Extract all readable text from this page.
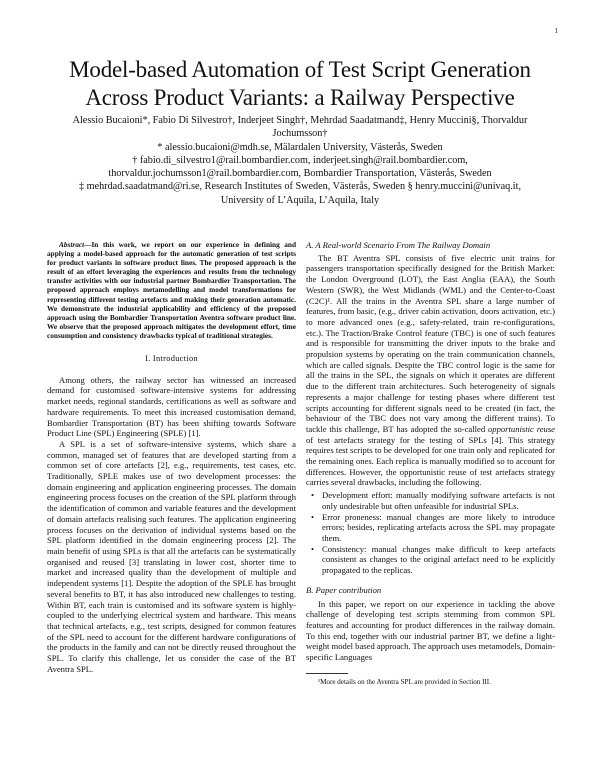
1
Model-based Automation of Test Script Generation
Across Product Variants: a Railway Perspective
Alessio Bucaioni*, Fabio Di Silvestro†, Inderjeet Singh†, Mehrdad Saadatmand‡, Henry Muccini§, Thorvaldur
Jochumsson†
* alessio.bucaioni@mdh.se, Mälardalen University, Västerås, Sweden
† fabio.di_silvestro1@rail.bombardier.com, inderjeet.singh@rail.bombardier.com,
thorvaldur.jochumsson1@rail.bombardier.com, Bombardier Transportation, Västerås, Sweden
‡ mehrdad.saadatmand@ri.se, Research Institutes of Sweden, Västerås, Sweden § henry.muccini@univaq.it,
University of L’Aquila, L’Aquila, Italy

Abstract—In this work, we report on our experience in defining and applying a model-based approach for the automatic generation of test scripts for product variants in software product lines. The proposed approach is the result of an effort leveraging the experiences and results from the technology transfer activities with our industrial partner Bombardier Transportation. The proposed approach employs metamodelling and model transformations for representing different testing artefacts and making their generation automatic. We demonstrate the industrial applicability and efficiency of the proposed approach using the Bombardier Transportation Aventra software product line. We observe that the proposed approach mitigates the development effort, time consumption and consistency drawbacks typical of traditional strategies.

I. Introduction

Among others, the railway sector has witnessed an increased demand for customised software-intensive systems for addressing market needs, regional standards, certifications as well as software and hardware requirements. To meet this increased customisation demand, Bombardier Transportation (BT) has been shifting towards Software Product Line (SPL) Engineering (SPLE) [1].

A SPL is a set of software-intensive systems, which share a common, managed set of features that are developed starting from a common set of core artefacts [2], e.g., requirements, test cases, etc. Traditionally, SPLE makes use of two development processes: the domain engineering and application engineering processes. The domain engineering process focuses on the creation of the SPL platform through the identification of common and variable features and the development of domain artefacts realising such features. The application engineering process focuses on the derivation of individual systems based on the SPL platform identified in the domain engineering process [2]. The main benefit of using SPLs is that all the artefacts can be systematically organised and reused [3] translating in lower cost, shorter time to market and increased quality than the development of multiple and independent systems [1]. Despite the adoption of the SPLE has brought several benefits to BT, it has also introduced new challenges to testing. Within BT, each train is customised and its software system is highly-coupled to the underlying electrical system and hardware. This means that technical artefacts, e.g., test scripts, designed for common features of the SPL need to account for the different hardware configurations of the products in the family and can not be directly reused throughout the SPL. To clarify this challenge, let us consider the case of the BT Aventra SPL.

A. A Real-world Scenario From The Railway Domain

The BT Aventra SPL consists of five electric unit trains for passengers transportation specifically designed for the British Market: the London Overground (LOT), the East Anglia (EAA), the South Western (SWR), the West Midlands (WML) and the Center-to-Coast (C2C)¹. All the trains in the Aventra SPL share a large number of features, from basic, (e.g., driver cabin activation, doors activation, etc.) to more advanced ones (e.g., safety-related, train re-configurations, etc.). The Traction/Brake Control feature (TBC) is one of such features and is responsible for transmitting the driver inputs to the brake and propulsion systems by operating on the train communication channels, which are called signals. Despite the TBC control logic is the same for all the trains in the SPL, the signals on which it operates are different due to the different train architectures. Such heterogeneity of signals represents a major challenge for testing phases where different test scripts accounting for different signals need to be created (in fact, the behaviour of the TBC does not vary among the different trains). To tackle this challenge, BT has adopted the so-called opportunistic reuse of test artefacts strategy for the testing of SPLs [4]. This strategy requires test scripts to be developed for one train only and replicated for the remaining ones. Each replica is manually modified so to account for differences. However, the opportunistic reuse of test artefacts strategy carries several drawbacks, including the following.

• Development effort: manually modifying software artefacts is not only undesirable but often unfeasible for industrial SPLs.
• Error proneness: manual changes are more likely to introduce errors; besides, replicating artefacts across the SPL may propagate them.
• Consistency: manual changes make difficult to keep artefacts consistent as changes to the original artefact need to be explicitly propagated to the replicas.
B. Paper contribution

In this paper, we report on our experience in tackling the above challenge of developing test scripts stemming from common SPL features and accounting for product differences in the railway domain. To this end, together with our industrial partner BT, we define a light-weight model based approach. The approach uses metamodels, Domain-specific Languages

¹More details on the Aventra SPL are provided in Section III.
